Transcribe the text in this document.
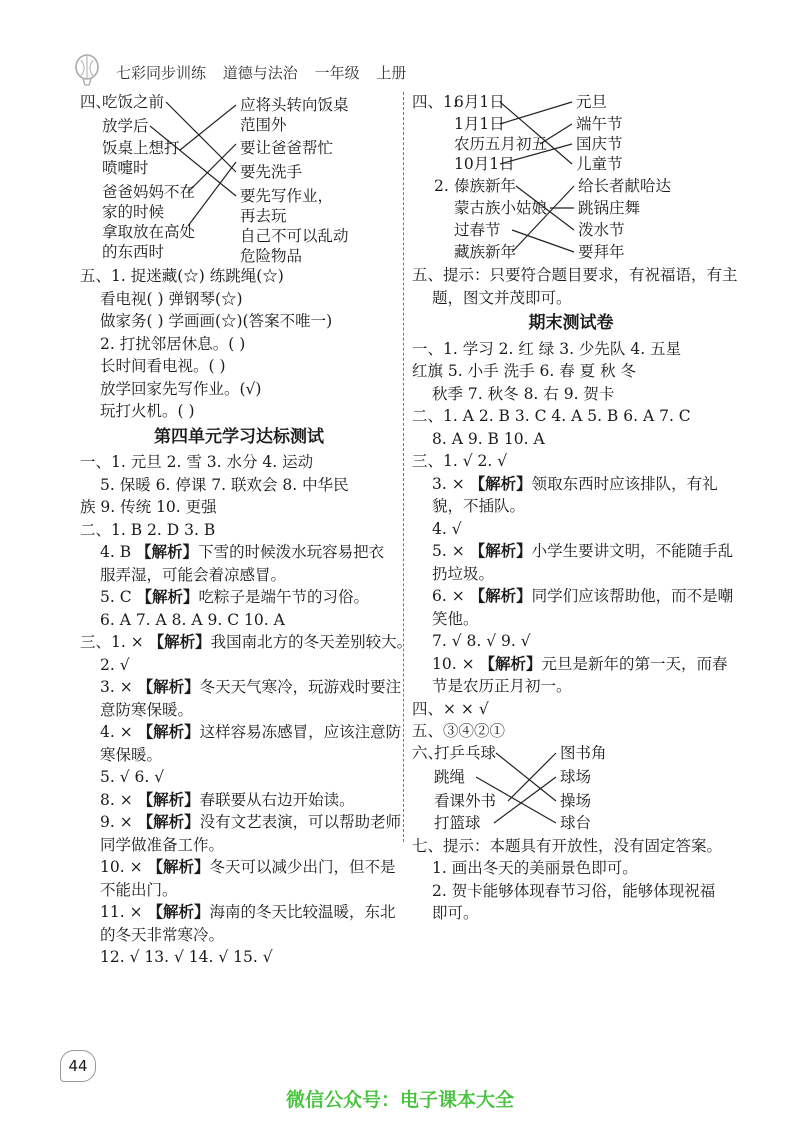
七彩同步训练 道德与法治 一年级 上册
四、
吃饭之前
放学后
饭桌上想打
喷嚏时
爸爸妈妈不在
家的时候
拿取放在高处
的东西时
应将头转向饭桌
范围外
要让爸爸帮忙
要先洗手
要先写作业，
再去玩
自己不可以乱动
危险物品
五、1. 捉迷藏(☆) 练跳绳(☆)
看电视( ) 弹钢琴(☆)
做家务( ) 学画画(☆)(答案不唯一)
2. 打扰邻居休息。( )
长时间看电视。( )
放学回家先写作业。(√)
玩打火机。( )
第四单元学习达标测试
一、1. 元旦 2. 雪 3. 水分 4. 运动
5. 保暖 6. 停课 7. 联欢会 8. 中华民
族 9. 传统 10. 更强
二、1. B 2. D 3. B
4. B 【解析】下雪的时候泼水玩容易把衣
服弄湿，可能会着凉感冒。
5. C 【解析】吃粽子是端午节的习俗。
6. A 7. A 8. A 9. C 10. A
三、1. × 【解析】我国南北方的冬天差别较大。
2. √
3. × 【解析】冬天天气寒冷，玩游戏时要注
意防寒保暖。
4. × 【解析】这样容易冻感冒，应该注意防
寒保暖。
5. √ 6. √
8. × 【解析】春联要从右边开始读。
9. × 【解析】没有文艺表演，可以帮助老师
同学做准备工作。
10. × 【解析】冬天可以减少出门，但不是
不能出门。
11. × 【解析】海南的冬天比较温暖，东北
的冬天非常寒冷。
12. √ 13. √ 14. √ 15. √
四、1.
6月1日
1月1日
农历五月初五
10月1日
元旦
端午节
国庆节
儿童节
2. 傣族新年
蒙古族小姑娘
过春节
藏族新年
给长者献哈达
跳锅庄舞
泼水节
要拜年
五、提示：只要符合题目要求，有祝福语，有主
题，图文并茂即可。
期末测试卷
一、1. 学习 2. 红 绿 3. 少先队 4. 五星
红旗 5. 小手 洗手 6. 春 夏 秋 冬
秋季 7. 秋冬 8. 右 9. 贺卡
二、1. A 2. B 3. C 4. A 5. B 6. A 7. C
8. A 9. B 10. A
三、1. √ 2. √
3. × 【解析】领取东西时应该排队，有礼
貌，不插队。
4. √
5. × 【解析】小学生要讲文明，不能随手乱
扔垃圾。
6. × 【解析】同学们应该帮助他，而不是嘲
笑他。
7. √ 8. √ 9. √
10. × 【解析】元旦是新年的第一天，而春
节是农历正月初一。
四、× × √
五、③④②①
六、
打乒乓球
跳绳
看课外书
打篮球
图书角
球场
操场
球台
七、提示：本题具有开放性，没有固定答案。
1. 画出冬天的美丽景色即可。
2. 贺卡能够体现春节习俗，能够体现祝福
即可。
44
微信公众号：电子课本大全
